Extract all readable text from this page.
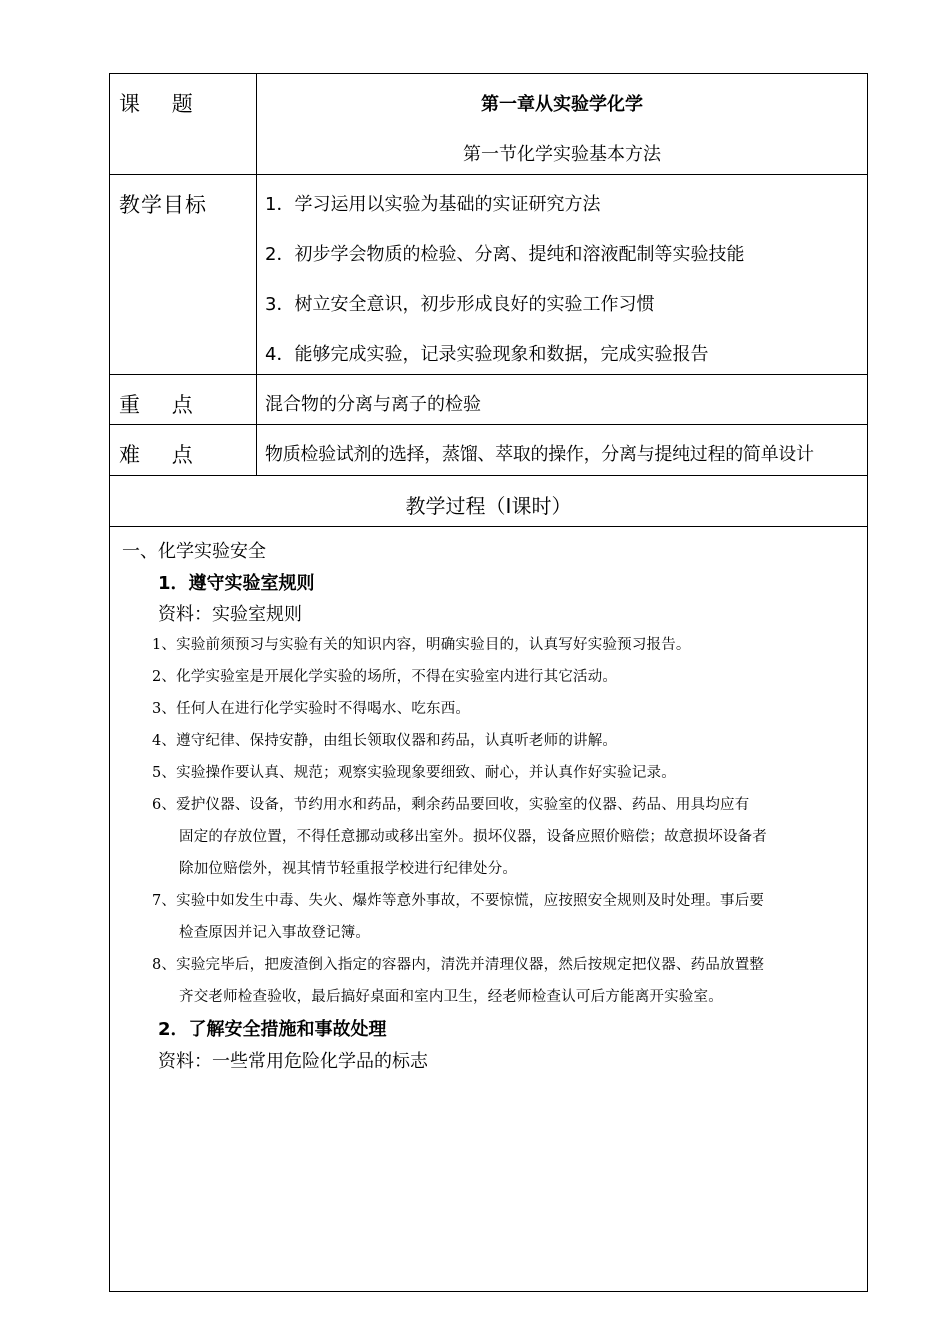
课    题	第一章从实验学化学
第一节化学实验基本方法
教学目标	1．学习运用以实验为基础的实证研究方法
2．初步学会物质的检验、分离、提纯和溶液配制等实验技能
3．树立安全意识，初步形成良好的实验工作习惯
4．能够完成实验，记录实验现象和数据，完成实验报告
重    点	混合物的分离与离子的检验
难    点	物质检验试剂的选择，蒸馏、萃取的操作，分离与提纯过程的简单设计
教学过程（I课时）
一、化学实验安全
1．遵守实验室规则
资料：实验室规则
1、实验前须预习与实验有关的知识内容，明确实验目的，认真写好实验预习报告。
2、化学实验室是开展化学实验的场所，不得在实验室内进行其它活动。
3、任何人在进行化学实验时不得喝水、吃东西。
4、遵守纪律、保持安静，由组长领取仪器和药品，认真听老师的讲解。
5、实验操作要认真、规范；观察实验现象要细致、耐心，并认真作好实验记录。
6、爱护仪器、设备，节约用水和药品，剩余药品要回收，实验室的仪器、药品、用具均应有
固定的存放位置，不得任意挪动或移出室外。损坏仪器，设备应照价赔偿；故意损坏设备者
除加位赔偿外，视其情节轻重报学校进行纪律处分。
7、实验中如发生中毒、失火、爆炸等意外事故，不要惊慌，应按照安全规则及时处理。事后要
检查原因并记入事故登记簿。
8、实验完毕后，把废渣倒入指定的容器内，清洗并清理仪器，然后按规定把仪器、药品放置整
齐交老师检查验收，最后搞好桌面和室内卫生，经老师检查认可后方能离开实验室。
2．了解安全措施和事故处理
资料：一些常用危险化学品的标志
